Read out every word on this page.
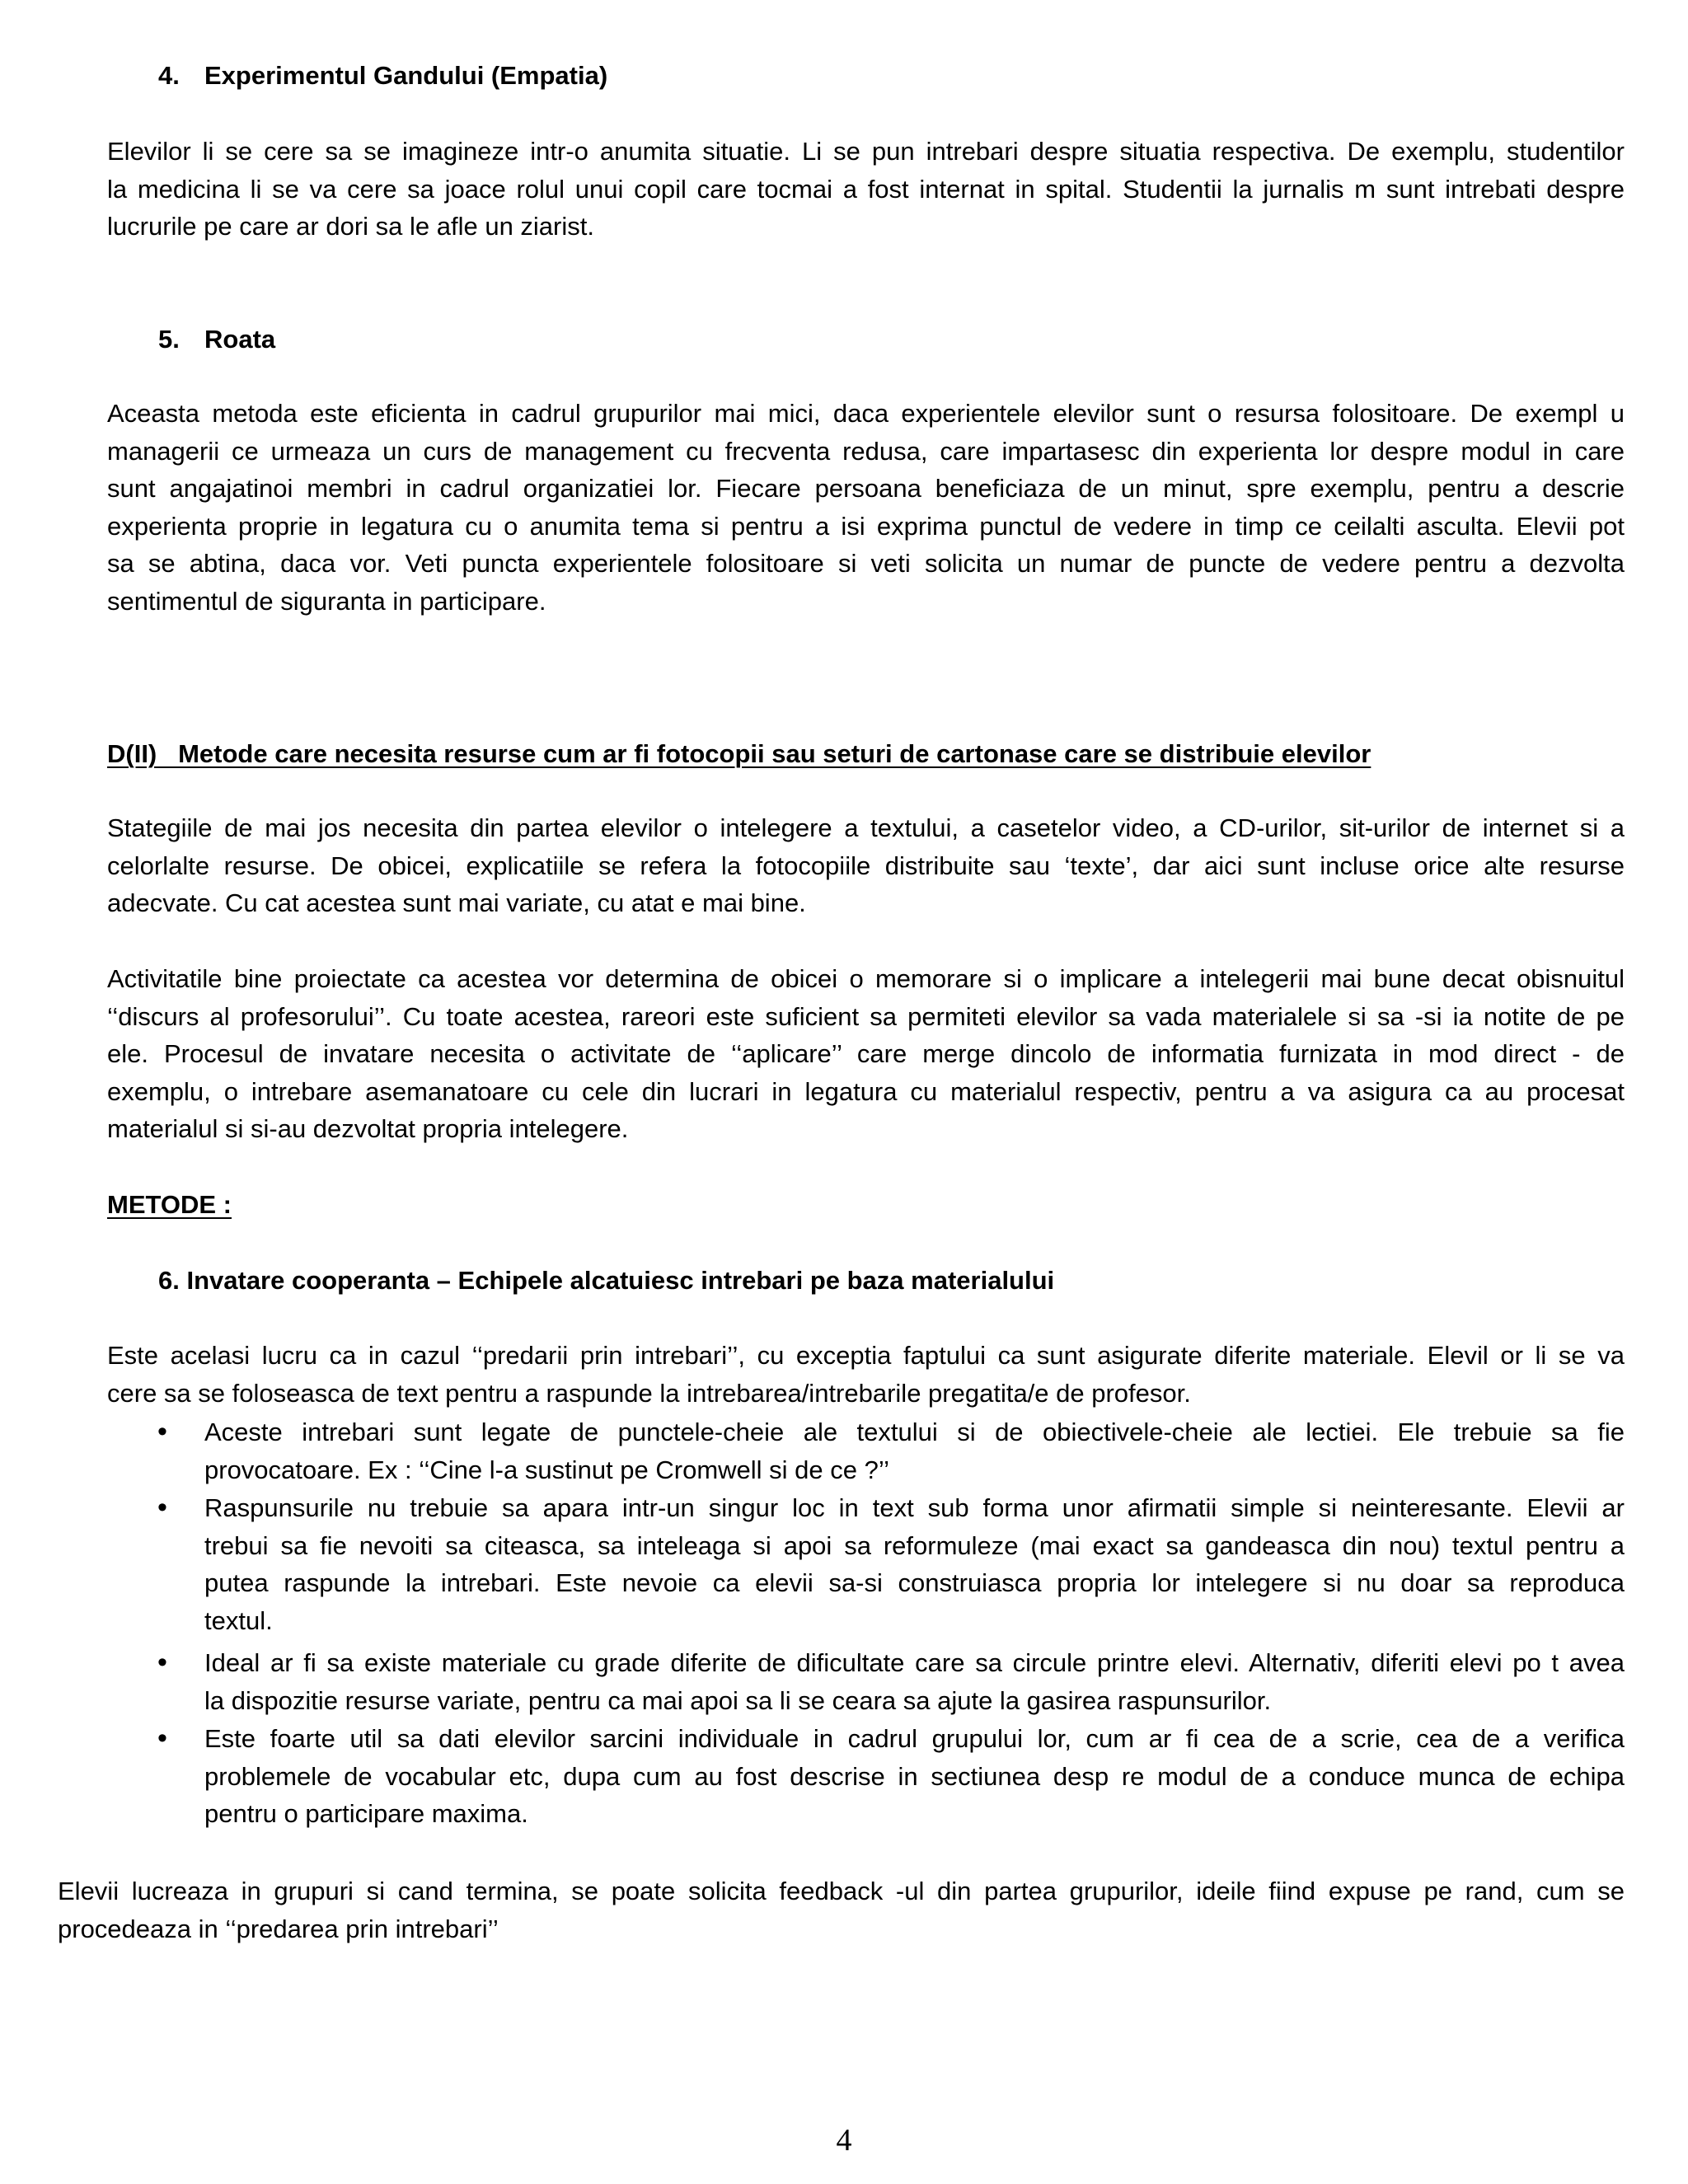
4. Experimentul Gandului (Empatia)
Elevilor li se cere sa se imagineze intr-o anumita situatie. Li se pun intrebari despre situatia respectiva. De exemplu, studentilor
la medicina li se va cere sa joace rolul unui copil care tocmai a fost internat in spital. Studentii la jurnalis m sunt intrebati despre
lucrurile pe care ar dori sa le afle un ziarist.
5. Roata
Aceasta metoda este eficienta in cadrul grupurilor mai mici, daca experientele elevilor sunt o resursa folositoare. De exempl u
managerii ce urmeaza un curs de management cu frecventa redusa, care impartasesc din experienta lor despre modul in care
sunt angajatinoi membri in cadrul organizatiei lor. Fiecare persoana beneficiaza de un minut, spre exemplu, pentru a descrie
experienta proprie in legatura cu o anumita tema si pentru a isi exprima punctul de vedere in timp ce ceilalti asculta. Elevii pot
sa se abtina, daca vor. Veti puncta experientele folositoare si veti solicita un numar de puncte de vedere pentru a dezvolta
sentimentul de siguranta in participare.
D(II)   Metode care necesita resurse cum ar fi fotocopii sau seturi de cartonase care se distribuie elevilor
Stategiile de mai jos necesita din partea elevilor o intelegere a textului, a casetelor video, a CD-urilor, sit-urilor de internet si a
celorlalte resurse. De obicei, explicatiile se refera la fotocopiile distribuite sau ‘texte’, dar aici sunt incluse orice alte resurse
adecvate. Cu cat acestea sunt mai variate, cu atat e mai bine.
Activitatile bine proiectate ca acestea vor determina de obicei o memorare si o implicare a intelegerii mai bune decat obisnuitul
‘‘discurs al profesorului’’. Cu toate acestea, rareori este suficient sa permiteti elevilor sa vada materialele si sa -si ia notite de pe
ele. Procesul de invatare necesita o activitate de ‘‘aplicare’’ care merge dincolo de informatia furnizata in mod direct - de
exemplu, o intrebare asemanatoare cu cele din lucrari in legatura cu materialul respectiv, pentru a va asigura ca au procesat
materialul si si-au dezvoltat propria intelegere.
METODE :
6. Invatare cooperanta – Echipele alcatuiesc intrebari pe baza materialului
Este acelasi lucru ca in cazul ‘‘predarii prin intrebari’’, cu exceptia faptului ca sunt asigurate diferite materiale. Elevil or li se va
cere sa se foloseasca de text pentru a raspunde la intrebarea/intrebarile pregatita/e de profesor.
•	Aceste intrebari sunt legate de punctele-cheie ale textului si de obiectivele-cheie ale lectiei. Ele trebuie sa fie
provocatoare. Ex : ‘‘Cine l-a sustinut pe Cromwell si de ce ?’’
•	Raspunsurile nu trebuie sa apara intr-un singur loc in text sub forma unor afirmatii simple si neinteresante. Elevii ar
trebui sa fie nevoiti sa citeasca, sa inteleaga si apoi sa reformuleze (mai exact sa gandeasca din nou) textul pentru a
putea raspunde la intrebari. Este nevoie ca elevii sa-si construiasca propria lor intelegere si nu doar sa reproduca
textul.
•	Ideal ar fi sa existe materiale cu grade diferite de dificultate care sa circule printre elevi. Alternativ, diferiti elevi po t avea
la dispozitie resurse variate, pentru ca mai apoi sa li se ceara sa ajute la gasirea raspunsurilor.
•	Este foarte util sa dati elevilor sarcini individuale in cadrul grupului lor, cum ar fi cea de a scrie, cea de a verifica
problemele de vocabular etc, dupa cum au fost descrise in sectiunea desp re modul de a conduce munca de echipa
pentru o participare maxima.
Elevii lucreaza in grupuri si cand termina, se poate solicita feedback -ul din partea grupurilor, ideile fiind expuse pe rand, cum se
procedeaza in ‘‘predarea prin intrebari’’
4
